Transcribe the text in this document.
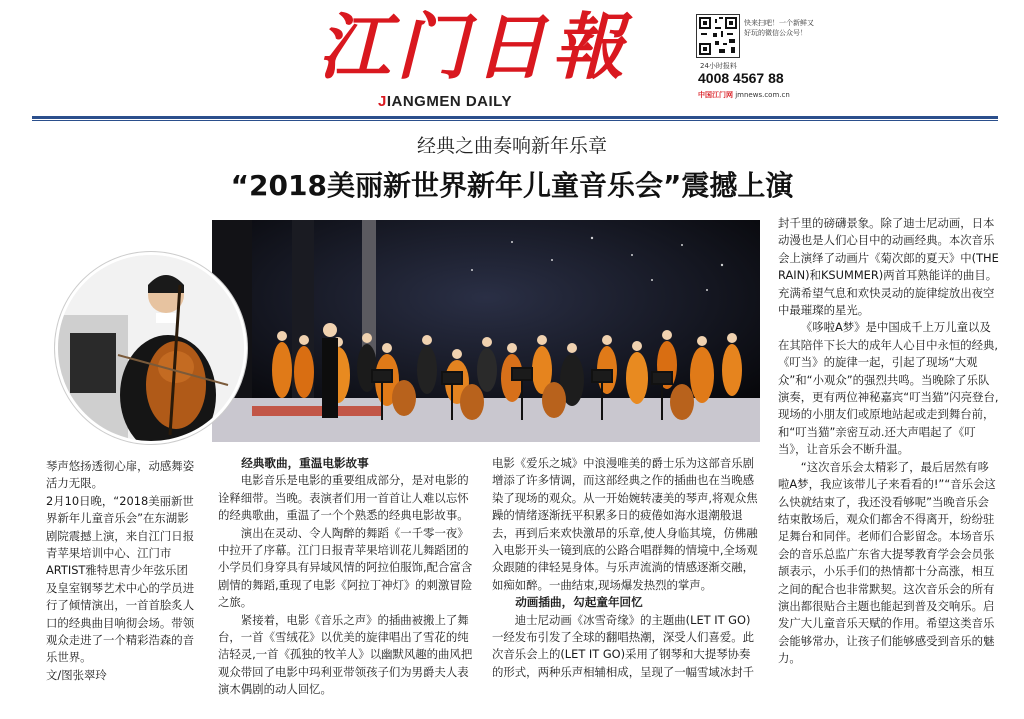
江门日報
JIANGMEN DAILY
快来扫吧！一个新鲜又好玩的微信公众号！
24小时报料
4008 4567 88
中国江门网 jmnews.com.cn
经典之曲奏响新年乐章
“2018美丽新世界新年儿童音乐会”震撼上演

琴声悠扬透彻心扉，动感舞姿活力无限。

2月10日晚，“2018美丽新世界新年儿童音乐会”在东湖影剧院震撼上演，来自江门日报青苹果培训中心、江门市ARTIST雅特思青少年弦乐团及皇室钢琴艺术中心的学员进行了倾情演出，一首首脍炙人口的经典曲目响彻会场。带领观众走进了一个精彩浩森的音乐世界。

文/图张翠玲

经典歌曲，重温电影故事

电影音乐是电影的重要组成部分，是对电影的诠释细带。当晚。表演者们用一首首让人难以忘怀的经典歌曲，重温了一个个熟悉的经典电影故事。

演出在灵动、令人陶醉的舞蹈《一千零一夜》中拉开了序幕。江门日报青苹果培训花儿舞蹈团的小学员们身穿具有异域风情的阿拉伯服饰,配合富含剧情的舞蹈,重现了电影《阿拉丁神灯》的刺激冒险之旅。

紧接着，电影《音乐之声》的插曲被搬上了舞台，一首《雪绒花》以优美的旋律唱出了雪花的纯洁轻灵,一首《孤独的牧羊人》以幽默风趣的曲风把观众带回了电影中玛利亚带领孩子们为男爵夫人表演木偶剧的动人回忆。

电影《爱乐之城》中浪漫唯美的爵士乐为这部音乐剧增添了许多情调，而这部经典之作的插曲也在当晚感染了现场的观众。从一开始婉转凄美的琴声,将观众焦躁的情绪逐渐抚平积累多日的疲倦如海水退潮般退去，再到后来欢快激昂的乐章,使人身临其境，仿佛融入电影开头一镜到底的公路合唱群舞的情境中,全场观众跟随的律轻晃身体。与乐声流淌的情感逐渐交融，如痴如醉。一曲结束,现场爆发热烈的掌声。

动画插曲，勾起童年回忆

迪士尼动画《冰雪奇缘》的主题曲(LET IT GO)一经发布引发了全球的翻唱热潮，深受人们喜爱。此次音乐会上的(LET IT GO)采用了钢琴和大提琴协奏的形式，两种乐声相辅相成，呈现了一幅雪域冰封千

封千里的磅礴景象。除了迪士尼动画，日本动漫也是人们心目中的动画经典。本次音乐会上演绎了动画片《菊次郎的夏天》中(THE RAIN)和KSUMMER)两首耳熟能详的曲目。充满希望气息和欢快灵动的旋律绽放出夜空中最璀璨的星光。

《哆啦A梦》是中国成千上万儿童以及在其陪伴下长大的成年人心目中永恒的经典,《叮当》的旋律一起，引起了现场“大观众”和“小观众”的强烈共鸣。当晚除了乐队演奏，更有两位神秘嘉宾“叮当猫”闪亮登台,现场的小朋友们或原地站起或走到舞台前，和“叮当猫”亲密互动.还大声唱起了《叮当》，让音乐会不断升温。

“这次音乐会太精彩了，最后居然有哆啦A梦，我应该带儿子来看看的!”“音乐会这么快就结束了，我还没看够呢”当晚音乐会结束散场后，观众们都舍不得离开，纷纷驻足舞台和同伴。老师们合影留念。本场音乐会的音乐总监广东省大提琴教育学会会员张颉表示，小乐手们的热情都十分高涨，相互之间的配合也非常默契。这次音乐会的所有演出都很贴合主题也能起到普及交响乐。启发广大儿童音乐天赋的作用。希望这类音乐会能够常办，让孩子们能够感受到音乐的魅力。
